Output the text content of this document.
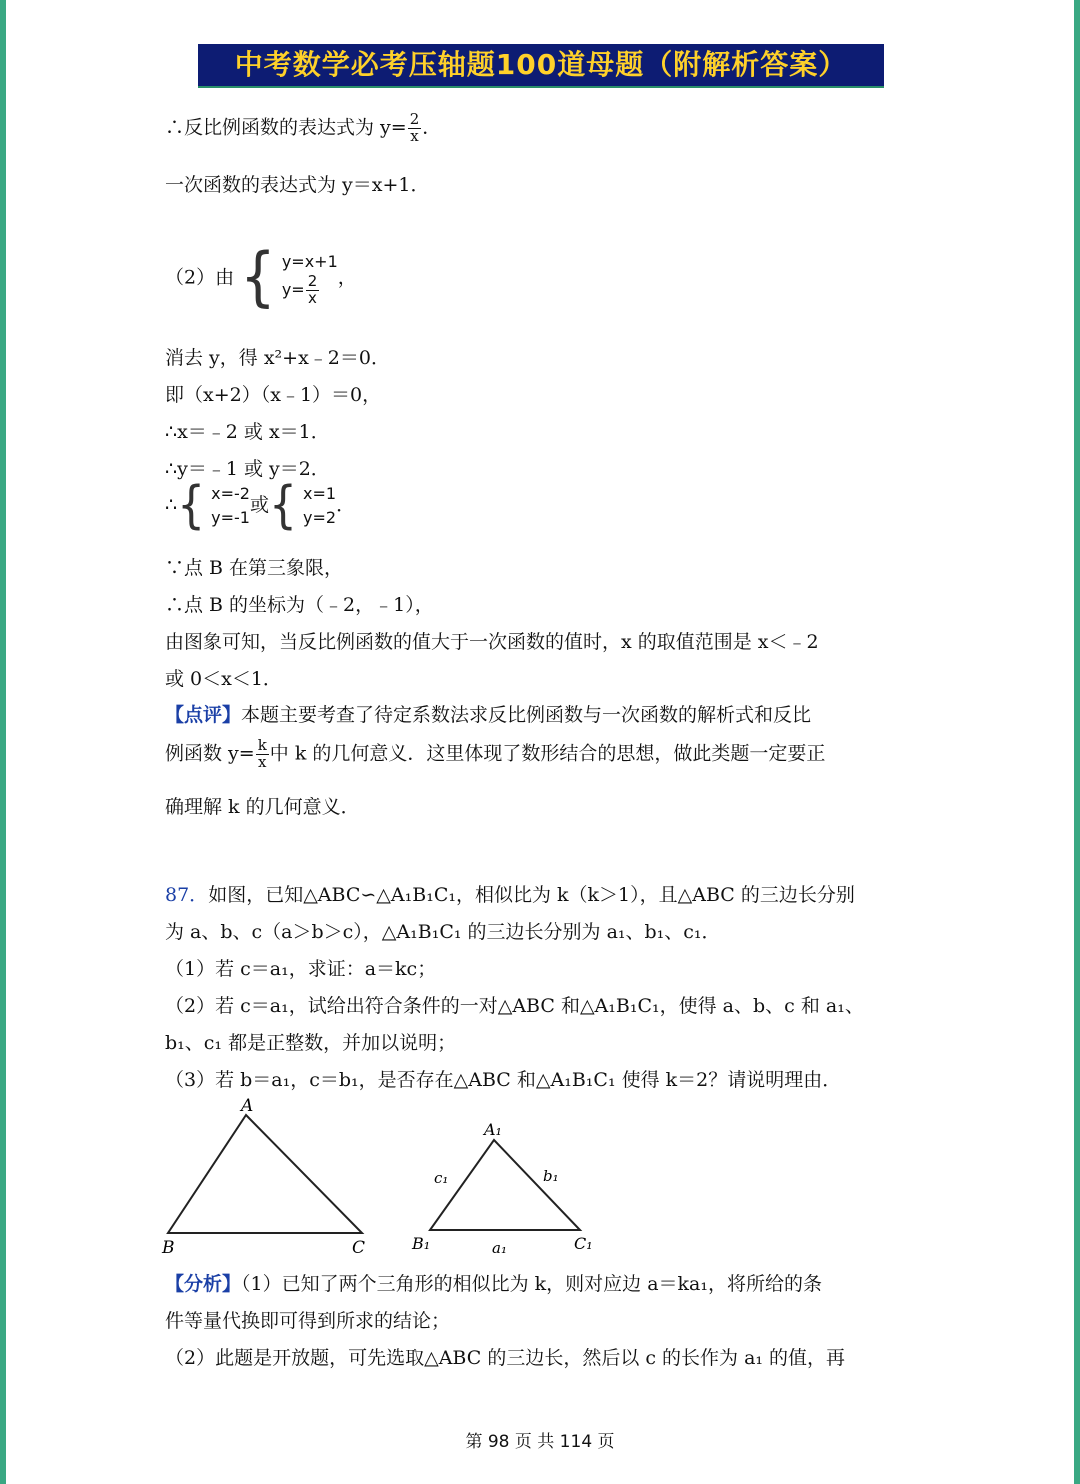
中考数学必考压轴题100道母题（附解析答案）
∴反比例函数的表达式为 $y= \frac{2}{x}$ ．
一次函数的表达式为 y＝x+1．
（2）由 { y=x+1
$y= \frac{2}{x}$ ，
消去 y，得 x²+x﹣2＝0．
即（x+2）（x﹣1）＝0，
∴x＝﹣2 或 x＝1．
∴y＝﹣1 或 y＝2．
∴{ x=-2
y=-1
或{ x=1
y=2
．
∵点 B 在第三象限，
∴点 B 的坐标为（﹣2，﹣1），
由图象可知，当反比例函数的值大于一次函数的值时，x 的取值范围是 x＜﹣2
或 0＜x＜1．
【点评】本题主要考查了待定系数法求反比例函数与一次函数的解析式和反比
例函数 $y= \frac{k}{x}$ 中 k 的几何意义．这里体现了数形结合的思想，做此类题一定要正
确理解 k 的几何意义．
87．如图，已知△ABC∽△A₁B₁C₁，相似比为 k（k＞1），且△ABC 的三边长分别
为 a、b、c（a＞b＞c），△A₁B₁C₁ 的三边长分别为 a₁、b₁、c₁．
（1）若 c＝a₁，求证：a＝kc；
（2）若 c＝a₁，试给出符合条件的一对△ABC 和△A₁B₁C₁，使得 a、b、c 和 a₁、
b₁、c₁ 都是正整数，并加以说明；
（3）若 b＝a₁，c＝b₁，是否存在△ABC 和△A₁B₁C₁ 使得 k＝2？请说明理由．
A
B	C
A₁
B₁	C₁
a₁
b₁
c₁
【分析】（1）已知了两个三角形的相似比为 k，则对应边 a＝ka₁，将所给的条
件等量代换即可得到所求的结论；
（2）此题是开放题，可先选取△ABC 的三边长，然后以 c 的长作为 a₁ 的值，再
第 98 页 共 114 页
